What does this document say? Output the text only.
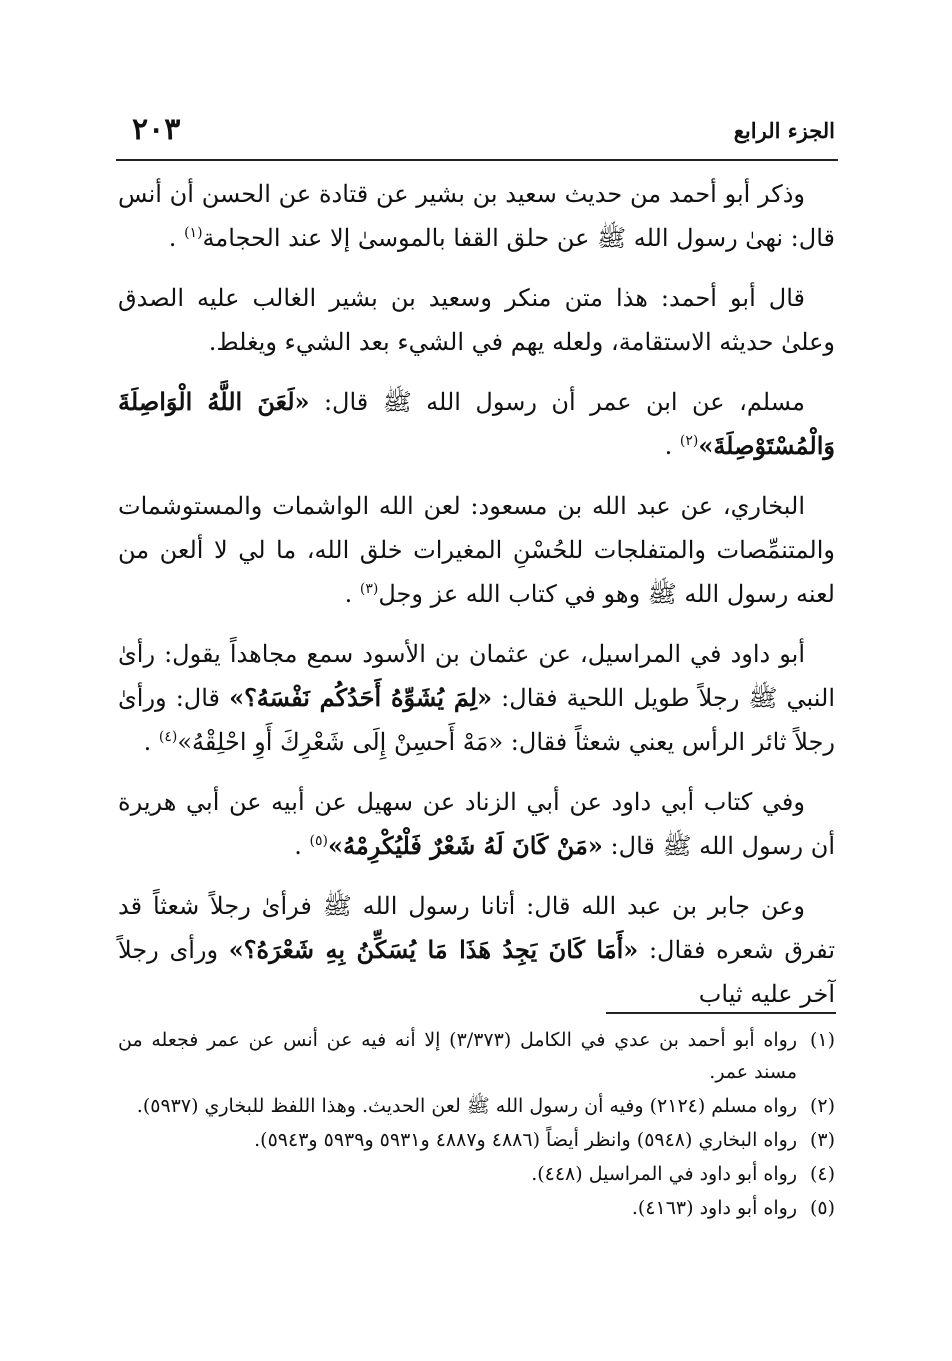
الجزء الرابع
٢٠٣

وذكر أبو أحمد من حديث سعيد بن بشير عن قتادة عن الحسن أن أنس قال: نهىٰ رسول الله ﷺ عن حلق القفا بالموسىٰ إلا عند الحجامة$^{(١)}$ .

قال أبو أحمد: هذا متن منكر وسعيد بن بشير الغالب عليه الصدق وعلىٰ حديثه الاستقامة، ولعله يهم في الشيء بعد الشيء ويغلط.

مسلم، عن ابن عمر أن رسول الله ﷺ قال: «لَعَنَ اللَّهُ الْوَاصِلَةَ وَالْمُسْتَوْصِلَةَ»$^{(٢)}$ .

البخاري، عن عبد الله بن مسعود: لعن الله الواشمات والمستوشمات والمتنمِّصات والمتفلجات للحُسْنِ المغيرات خلق الله، ما لي لا ألعن من لعنه رسول الله ﷺ وهو في كتاب الله عز وجل$^{(٣)}$ .

أبو داود في المراسيل، عن عثمان بن الأسود سمع مجاهداً يقول: رأىٰ النبي ﷺ رجلاً طويل اللحية فقال: «لِمَ يُشَوِّهُ أَحَدُكُم نَفْسَهُ؟» قال: ورأىٰ رجلاً ثائر الرأس يعني شعثاً فقال: «مَهْ أَحسِنْ إِلَى شَعْرِكَ أَوِ احْلِقْهُ»$^{(٤)}$ .

وفي كتاب أبي داود عن أبي الزناد عن سهيل عن أبيه عن أبي هريرة أن رسول الله ﷺ قال: «مَنْ كَانَ لَهُ شَعْرٌ فَلْيُكْرِمْهُ»$^{(٥)}$ .

وعن جابر بن عبد الله قال: أتانا رسول الله ﷺ فرأىٰ رجلاً شعثاً قد تفرق شعره فقال: «أَمَا كَانَ يَجِدُ هَذَا مَا يُسَكِّنُ بِهِ شَعْرَهُ؟» ورأى رجلاً آخر عليه ثياب

(١)
رواه أبو أحمد بن عدي في الكامل (٣/٣٧٣) إلا أنه فيه عن أنس عن عمر فجعله من مسند عمر.
(٢)
رواه مسلم (٢١٢٤) وفيه أن رسول الله ﷺ لعن الحديث. وهذا اللفظ للبخاري (٥٩٣٧).
(٣)
رواه البخاري (٥٩٤٨) وانظر أيضاً (٤٨٨٦ و٤٨٨٧ و٥٩٣١ و٥٩٣٩ و٥٩٤٣).
(٤)
رواه أبو داود في المراسيل (٤٤٨).
(٥)
رواه أبو داود (٤١٦٣).
